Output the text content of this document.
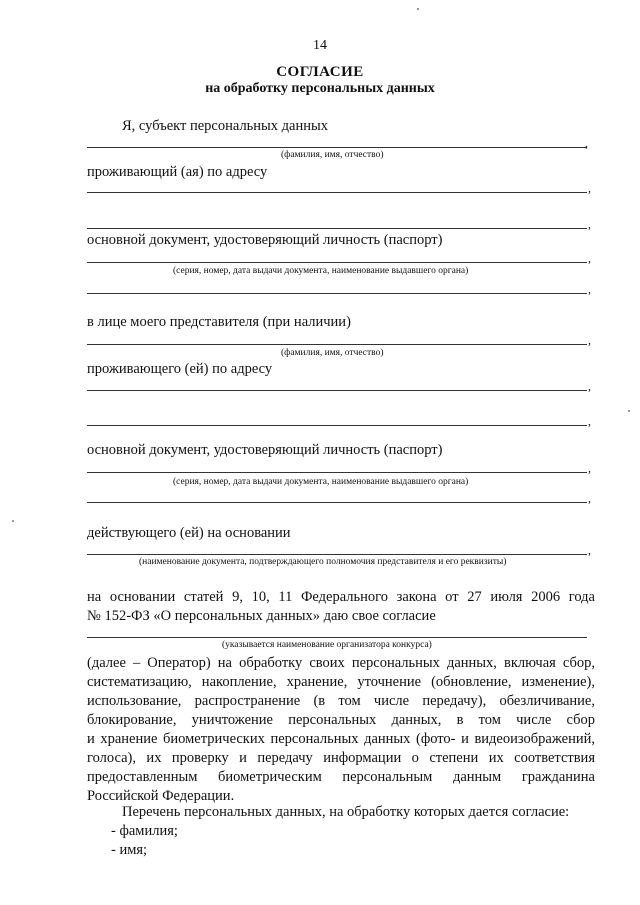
14
СОГЛАСИЕ
на обработку персональных данных
Я, субъект персональных данных
,
(фамилия, имя, отчество)
проживающий (ая) по адресу
,
,
основной документ, удостоверяющий личность (паспорт)
,
(серия, номер, дата выдачи документа, наименование выдавшего органа)
,
в лице моего представителя (при наличии)
,
(фамилия, имя, отчество)
проживающего (ей) по адресу
,
,
основной документ, удостоверяющий личность (паспорт)
,
(серия, номер, дата выдачи документа, наименование выдавшего органа)
,
действующего (ей) на основании
,
(наименование документа, подтверждающего полномочия представителя и его реквизиты)
на основании статей 9, 10, 11 Федерального закона от 27 июля 2006 года
№ 152-ФЗ «О персональных данных» даю свое согласие
(указывается наименование организатора конкурса)
(далее – Оператор) на обработку своих персональных данных, включая сбор,
систематизацию, накопление, хранение, уточнение (обновление, изменение),
использование, распространение (в том числе передачу), обезличивание,
блокирование, уничтожение персональных данных, в том числе сбор
и хранение биометрических персональных данных (фото- и видеоизображений,
голоса), их проверку и передачу информации о степени их соответствия
предоставленным биометрическим персональным данным гражданина
Российской Федерации.
Перечень персональных данных, на обработку которых дается согласие:
- фамилия;
- имя;
